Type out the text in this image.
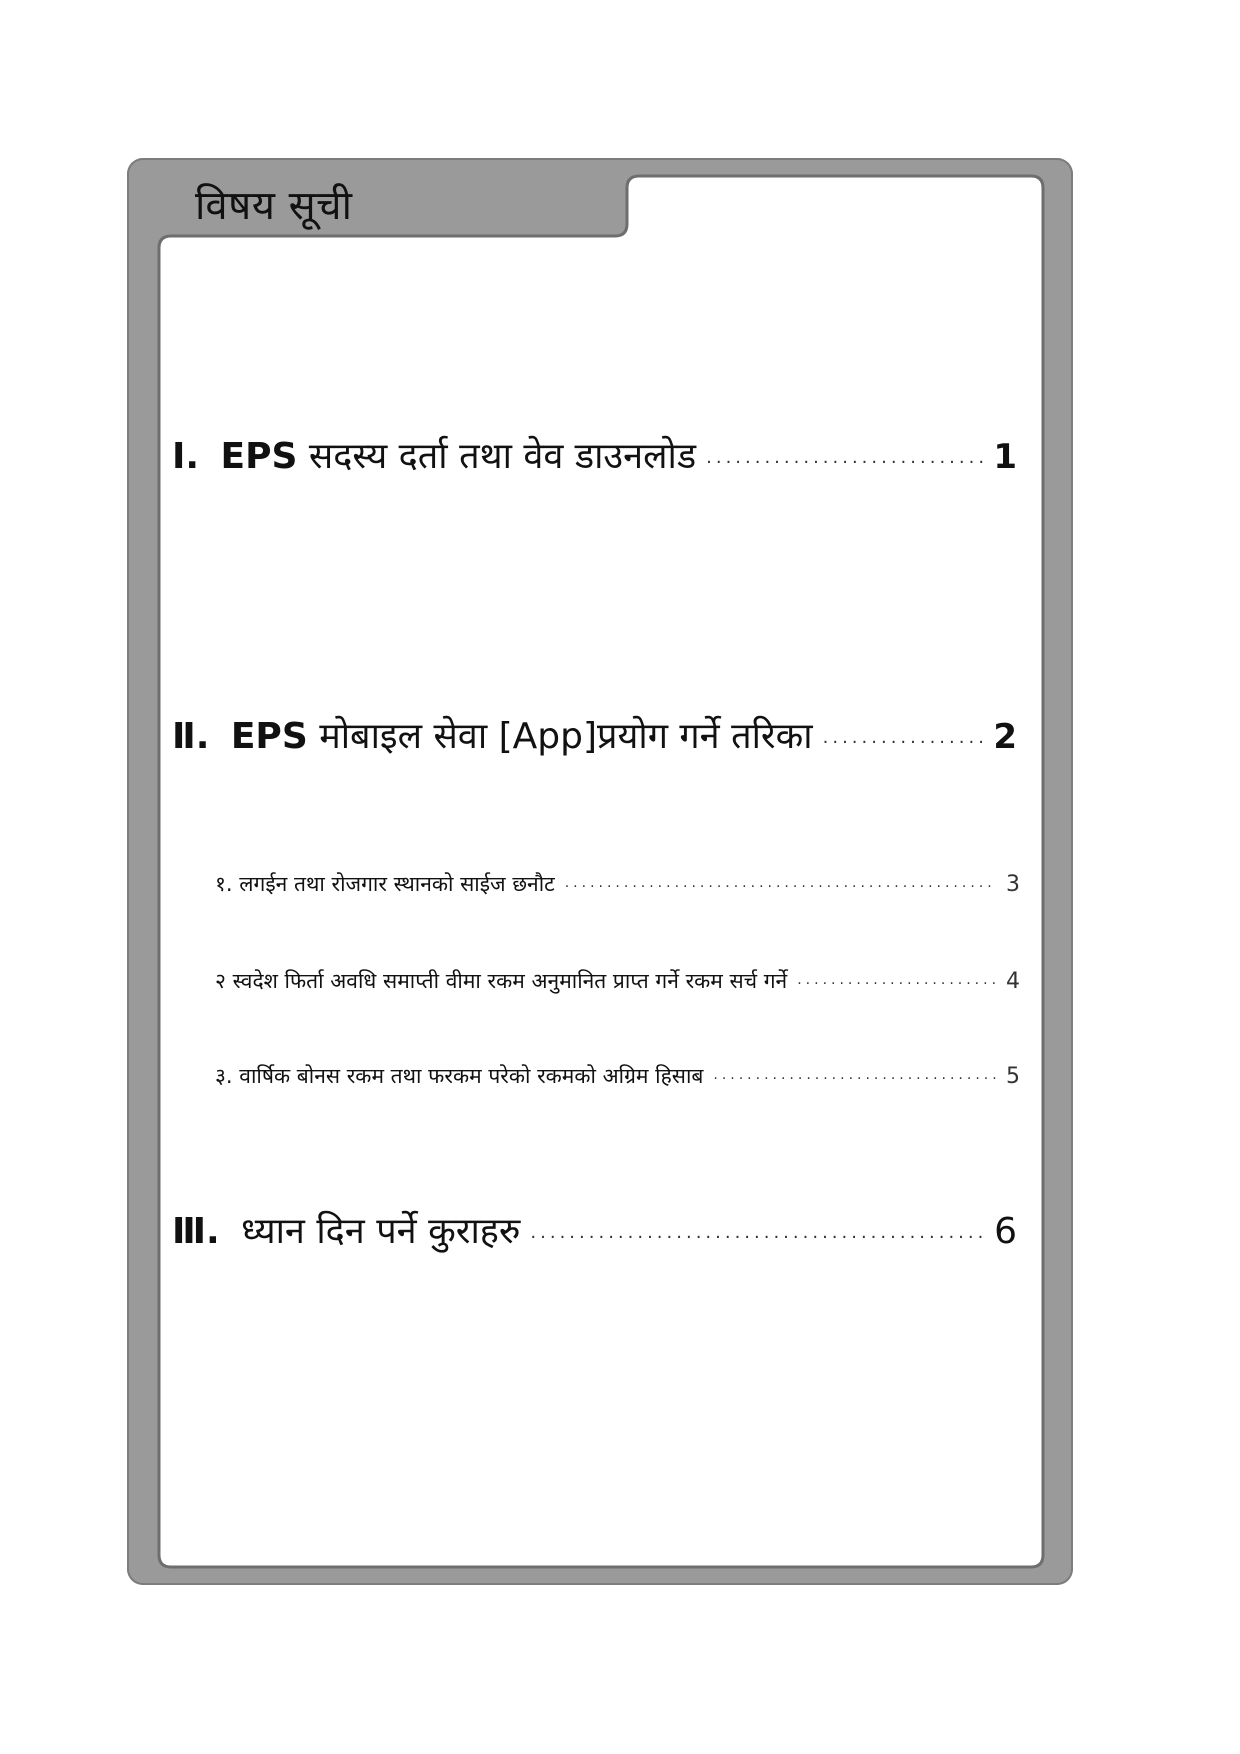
विषय सूची
Ⅰ. EPS सदस्य दर्ता तथा वेव डाउनलोड ·····	1
Ⅱ. EPS मोबाइल सेवा [App]प्रयोग गर्ने तरिका ·····	2
१. लगईन तथा रोजगार स्थानको साईज छनौट ·····	3
२ स्वदेश फिर्ता अवधि समाप्ती वीमा रकम अनुमानित प्राप्त गर्ने रकम सर्च गर्ने ·····	4
३. वार्षिक बोनस रकम तथा फरकम परेको रकमको अग्रिम हिसाब ·····	5
Ⅲ. ध्यान दिन पर्ने कुराहरु ·····	6
